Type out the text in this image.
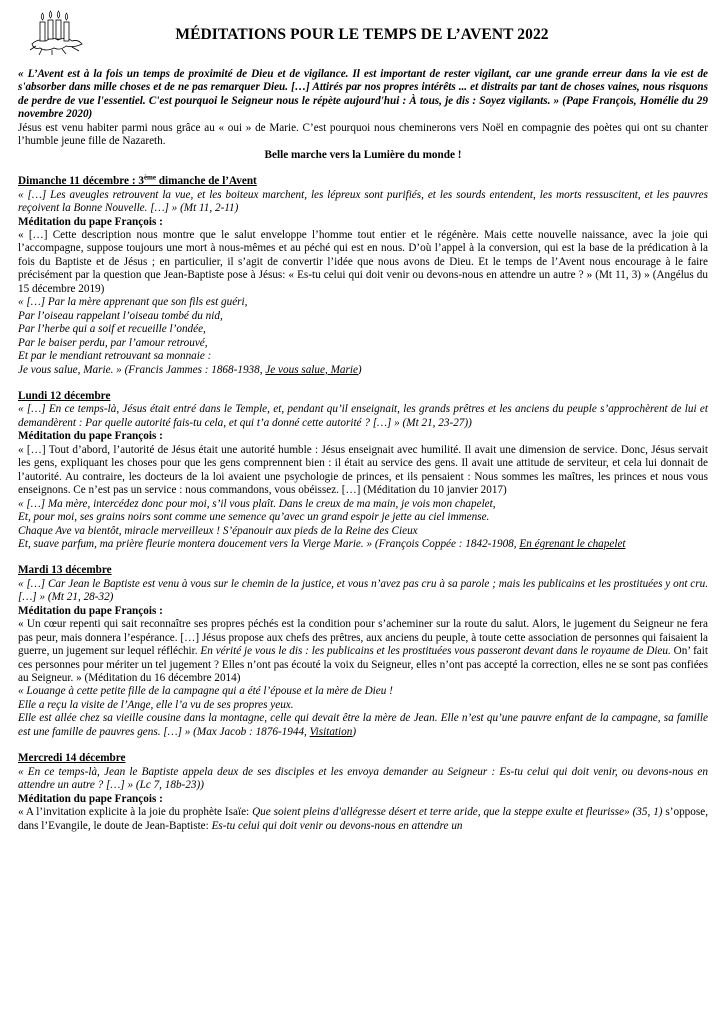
MÉDITATIONS POUR LE TEMPS DE L’AVENT 2022

« L’Avent est à la fois un temps de proximité de Dieu et de vigilance. Il est important de rester vigilant, car une grande erreur dans la vie est de s'absorber dans mille choses et de ne pas remarquer Dieu. […] Attirés par nos propres intérêts ... et distraits par tant de choses vaines, nous risquons de perdre de vue l'essentiel. C'est pourquoi le Seigneur nous le répète aujourd'hui : À tous, je dis : Soyez vigilants. » (Pape François, Homélie du 29 novembre 2020)

Jésus est venu habiter parmi nous grâce au « oui » de Marie. C’est pourquoi nous cheminerons vers Noël en compagnie des poètes qui ont su chanter l’humble jeune fille de Nazareth.

Belle marche vers la Lumière du monde !

Dimanche 11 décembre : 3ème dimanche de l’Avent

« […] Les aveugles retrouvent la vue, et les boiteux marchent, les lépreux sont purifiés, et les sourds entendent, les morts ressuscitent, et les pauvres reçoivent la Bonne Nouvelle. […] » (Mt 11, 2-11)

Méditation du pape François :

« […] Cette description nous montre que le salut enveloppe l’homme tout entier et le régénère. Mais cette nouvelle naissance, avec la joie qui l’accompagne, suppose toujours une mort à nous-mêmes et au péché qui est en nous. D’où l’appel à la conversion, qui est la base de la prédication à la fois du Baptiste et de Jésus ; en particulier, il s’agit de convertir l’idée que nous avons de Dieu. Et le temps de l’Avent nous encourage à le faire précisément par la question que Jean-Baptiste pose à Jésus: « Es-tu celui qui doit venir ou devons-nous en attendre un autre ? » (Mt 11, 3) » (Angélus du 15 décembre 2019)

« […] Par la mère apprenant que son fils est guéri,

Par l’oiseau rappelant l’oiseau tombé du nid,

Par l’herbe qui a soif et recueille l’ondée,

Par le baiser perdu, par l’amour retrouvé,

Et par le mendiant retrouvant sa monnaie :

Je vous salue, Marie. » (Francis Jammes : 1868-1938, Je vous salue, Marie)

Lundi 12 décembre

« […] En ce temps-là, Jésus était entré dans le Temple, et, pendant qu’il enseignait, les grands prêtres et les anciens du peuple s’approchèrent de lui et demandèrent : Par quelle autorité fais-tu cela, et qui t’a donné cette autorité ? […] » (Mt 21, 23-27))

Méditation du pape François :

« […] Tout d’abord, l’autorité de Jésus était une autorité humble : Jésus enseignait avec humilité. Il avait une dimension de service. Donc, Jésus servait les gens, expliquant les choses pour que les gens comprennent bien : il était au service des gens. Il avait une attitude de serviteur, et cela lui donnait de l’autorité. Au contraire, les docteurs de la loi avaient une psychologie de princes, et ils pensaient : Nous sommes les maîtres, les princes et nous vous enseignons. Ce n’est pas un service : nous commandons, vous obéissez. […] (Méditation du 10 janvier 2017)

« […] Ma mère, intercédez donc pour moi, s’il vous plaît. Dans le creux de ma main, je vois mon chapelet,

Et, pour moi, ses grains noirs sont comme une semence qu’avec un grand espoir je jette au ciel immense.

Chaque Ave va bientôt, miracle merveilleux ! S’épanouir aux pieds de la Reine des Cieux

Et, suave parfum, ma prière fleurie montera doucement vers la Vierge Marie. » (François Coppée : 1842-1908, En égrenant le chapelet

Mardi 13 décembre

« […] Car Jean le Baptiste est venu à vous sur le chemin de la justice, et vous n’avez pas cru à sa parole ; mais les publicains et les prostituées y ont cru. […] » (Mt 21, 28-32)

Méditation du pape François :

« Un cœur repenti qui sait reconnaître ses propres péchés est la condition pour s’acheminer sur la route du salut. Alors, le jugement du Seigneur ne fera pas peur, mais donnera l’espérance. […] Jésus propose aux chefs des prêtres, aux anciens du peuple, à toute cette association de personnes qui faisaient la guerre, un jugement sur lequel réfléchir. En vérité je vous le dis : les publicains et les prostituées vous passeront devant dans le royaume de Dieu. On’ fait ces personnes pour mériter un tel jugement ? Elles n’ont pas écouté la voix du Seigneur, elles n’ont pas accepté la correction, elles ne se sont pas confiées au Seigneur. » (Méditation du 16 décembre 2014)

« Louange à cette petite fille de la campagne qui a été l’épouse et la mère de Dieu !

Elle a reçu la visite de l’Ange, elle l’a vu de ses propres yeux.

Elle est allée chez sa vieille cousine dans la montagne, celle qui devait être la mère de Jean. Elle n’est qu’une pauvre enfant de la campagne, sa famille est une famille de pauvres gens. […] » (Max Jacob : 1876-1944, Visitation)

Mercredi 14 décembre

« En ce temps-là, Jean le Baptiste appela deux de ses disciples et les envoya demander au Seigneur : Es-tu celui qui doit venir, ou devons-nous en attendre un autre ? […] » (Lc 7, 18b-23))

Méditation du pape François :

« A l’invitation explicite à la joie du prophète Isaïe: Que soient pleins d'allégresse désert et terre aride, que la steppe exulte et fleurisse» (35, 1) s’oppose, dans l’Evangile, le doute de Jean-Baptiste: Es-tu celui qui doit venir ou devons-nous en attendre un
